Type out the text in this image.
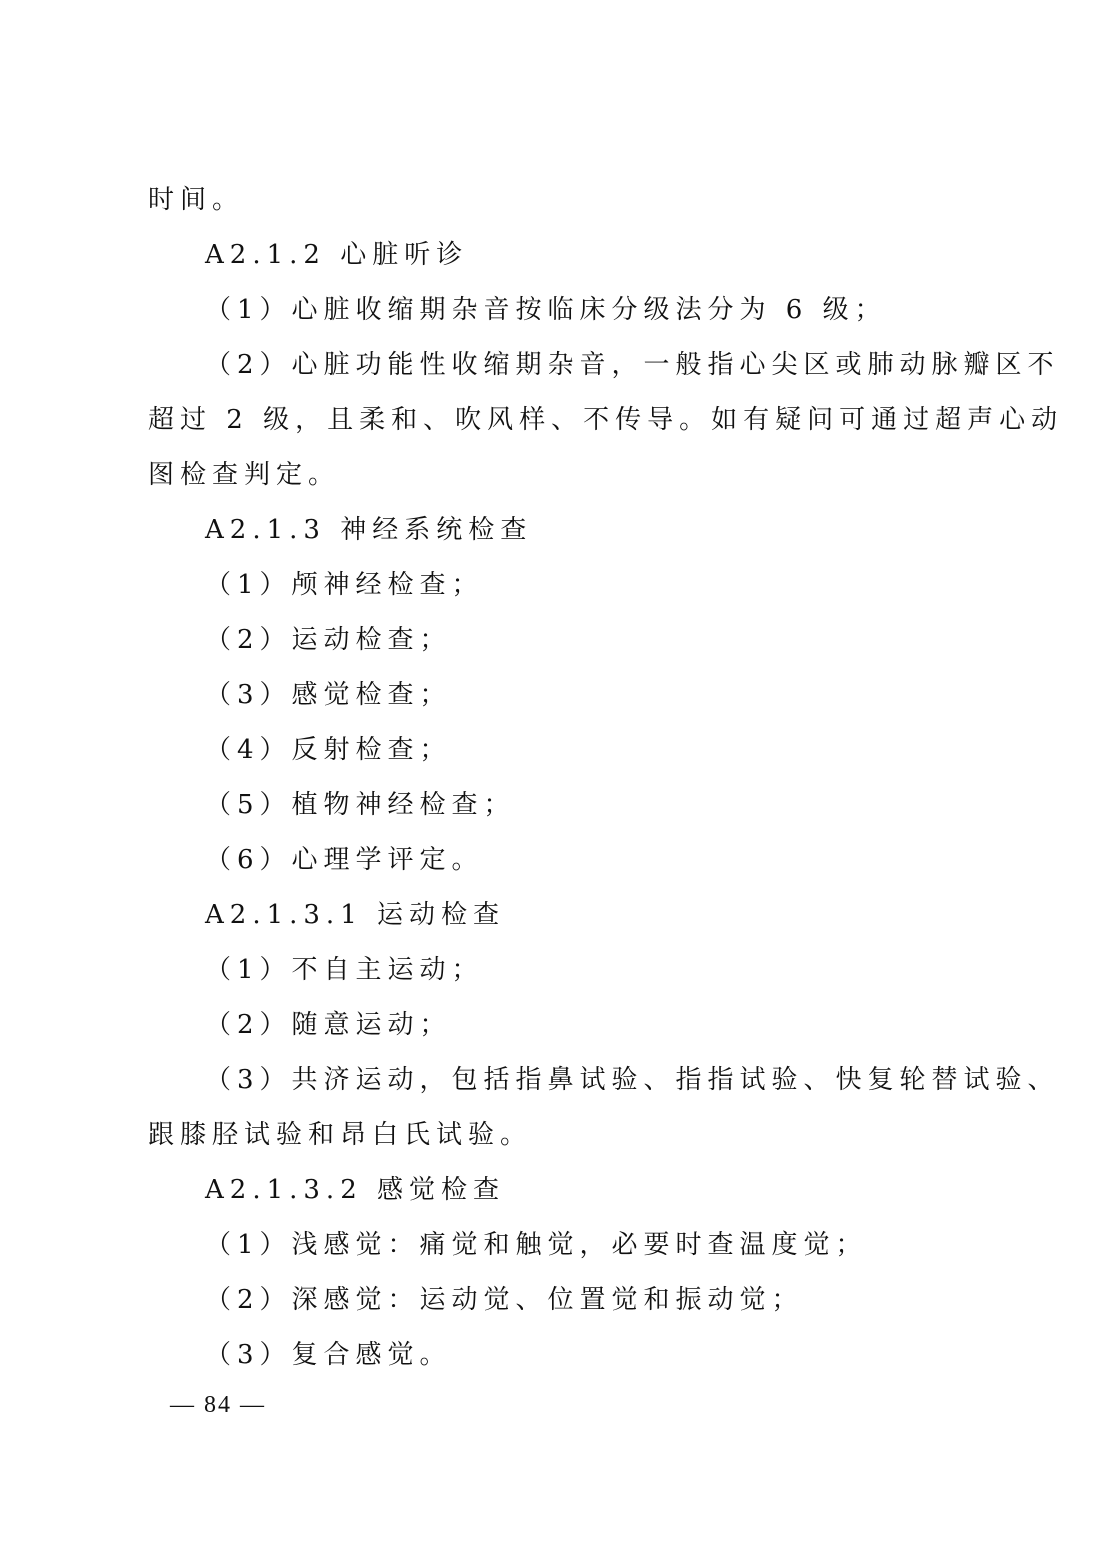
时间。
A2.1.2 心脏听诊
（1）心脏收缩期杂音按临床分级法分为 6 级；
（2）心脏功能性收缩期杂音，一般指心尖区或肺动脉瓣区不
超过 2 级，且柔和、吹风样、不传导。如有疑问可通过超声心动
图检查判定。
A2.1.3 神经系统检查
（1）颅神经检查；
（2）运动检查；
（3）感觉检查；
（4）反射检查；
（5）植物神经检查；
（6）心理学评定。
A2.1.3.1 运动检查
（1）不自主运动；
（2）随意运动；
（3）共济运动，包括指鼻试验、指指试验、快复轮替试验、
跟膝胫试验和昂白氏试验。
A2.1.3.2 感觉检查
（1）浅感觉：痛觉和触觉，必要时查温度觉；
（2）深感觉：运动觉、位置觉和振动觉；
（3）复合感觉。
— 84 —
